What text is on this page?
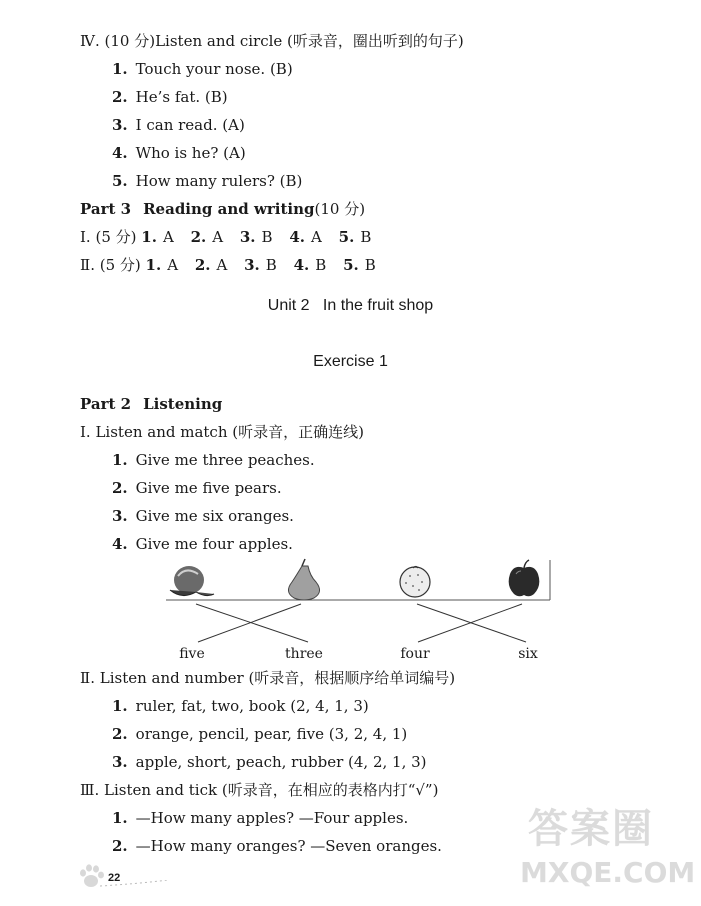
Ⅳ. (10 分)Listen and circle (听录音，圈出听到的句子)
1. Touch your nose. (B)
2. He’s fat. (B)
3. I can read. (A)
4. Who is he? (A)
5. How many rulers? (B)
Part 3 Reading and writing(10 分)
Ⅰ. (5 分) 1. A 2. A 3. B 4. A 5. B
Ⅱ. (5 分) 1. A 2. A 3. B 4. B 5. B
Unit 2   In the fruit shop
Exercise 1
Part 2 Listening
Ⅰ. Listen and match (听录音，正确连线)
1. Give me three peaches.
2. Give me five pears.
3. Give me six oranges.
4. Give me four apples.
five	three	four	six
Ⅱ. Listen and number (听录音，根据顺序给单词编号)
1. ruler, fat, two, book (2, 4, 1, 3)
2. orange, pencil, pear, five (3, 2, 4, 1)
3. apple, short, peach, rubber (4, 2, 1, 3)
Ⅲ. Listen and tick (听录音，在相应的表格内打“√”)
1. —How many apples? —Four apples.
2. —How many oranges? —Seven oranges.
22
答案圈
MXQE.COM
